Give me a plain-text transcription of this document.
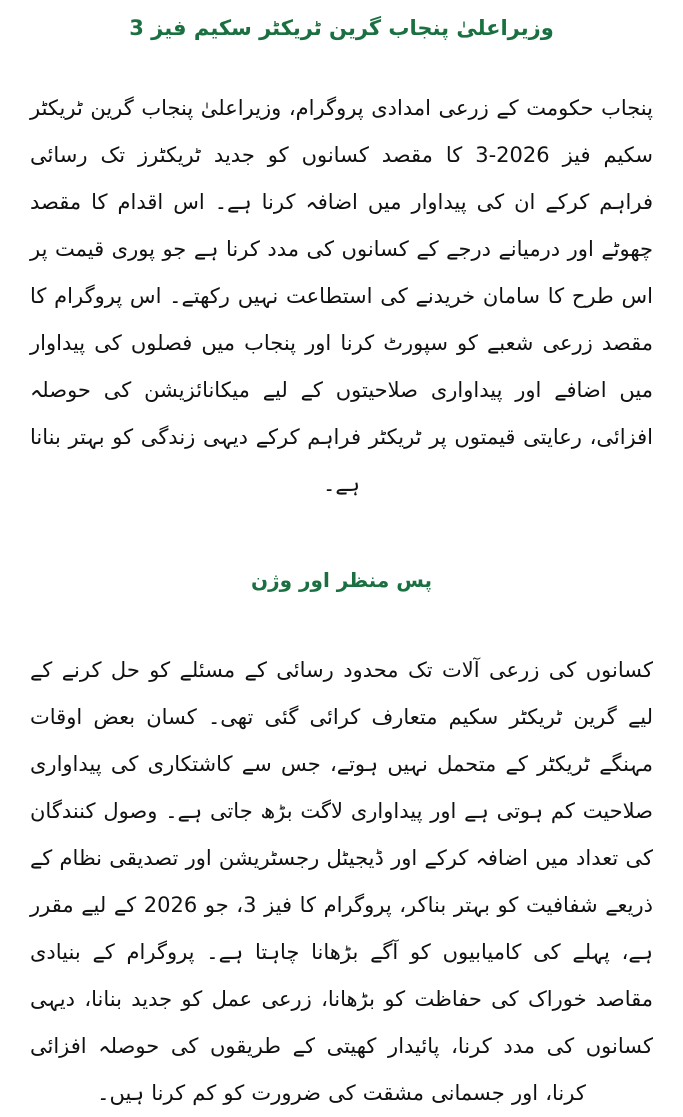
وزیراعلیٰ پنجاب گرین ٹریکٹر سکیم فیز 3

پنجاب حکومت کے زرعی امدادی پروگرام، وزیراعلیٰ پنجاب گرین ٹریکٹر سکیم فیز 2026-3 کا مقصد کسانوں کو جدید ٹریکٹرز تک رسائی فراہم کرکے ان کی پیداوار میں اضافہ کرنا ہے۔ اس اقدام کا مقصد چھوٹے اور درمیانے درجے کے کسانوں کی مدد کرنا ہے جو پوری قیمت پر اس طرح کا سامان خریدنے کی استطاعت نہیں رکھتے۔ اس پروگرام کا مقصد زرعی شعبے کو سپورٹ کرنا اور پنجاب میں فصلوں کی پیداوار میں اضافے اور پیداواری صلاحیتوں کے لیے میکانائزیشن کی حوصلہ افزائی، رعایتی قیمتوں پر ٹریکٹر فراہم کرکے دیہی زندگی کو بہتر بنانا ہے۔

پس منظر اور وژن

کسانوں کی زرعی آلات تک محدود رسائی کے مسئلے کو حل کرنے کے لیے گرین ٹریکٹر سکیم متعارف کرائی گئی تھی۔ کسان بعض اوقات مہنگے ٹریکٹر کے متحمل نہیں ہوتے، جس سے کاشتکاری کی پیداواری صلاحیت کم ہوتی ہے اور پیداواری لاگت بڑھ جاتی ہے۔ وصول کنندگان کی تعداد میں اضافہ کرکے اور ڈیجیٹل رجسٹریشن اور تصدیقی نظام کے ذریعے شفافیت کو بہتر بناکر، پروگرام کا فیز 3، جو 2026 کے لیے مقرر ہے، پہلے کی کامیابیوں کو آگے بڑھانا چاہتا ہے۔ پروگرام کے بنیادی مقاصد خوراک کی حفاظت کو بڑھانا، زرعی عمل کو جدید بنانا، دیہی کسانوں کی مدد کرنا، پائیدار کھیتی کے طریقوں کی حوصلہ افزائی کرنا، اور جسمانی مشقت کی ضرورت کو کم کرنا ہیں۔
